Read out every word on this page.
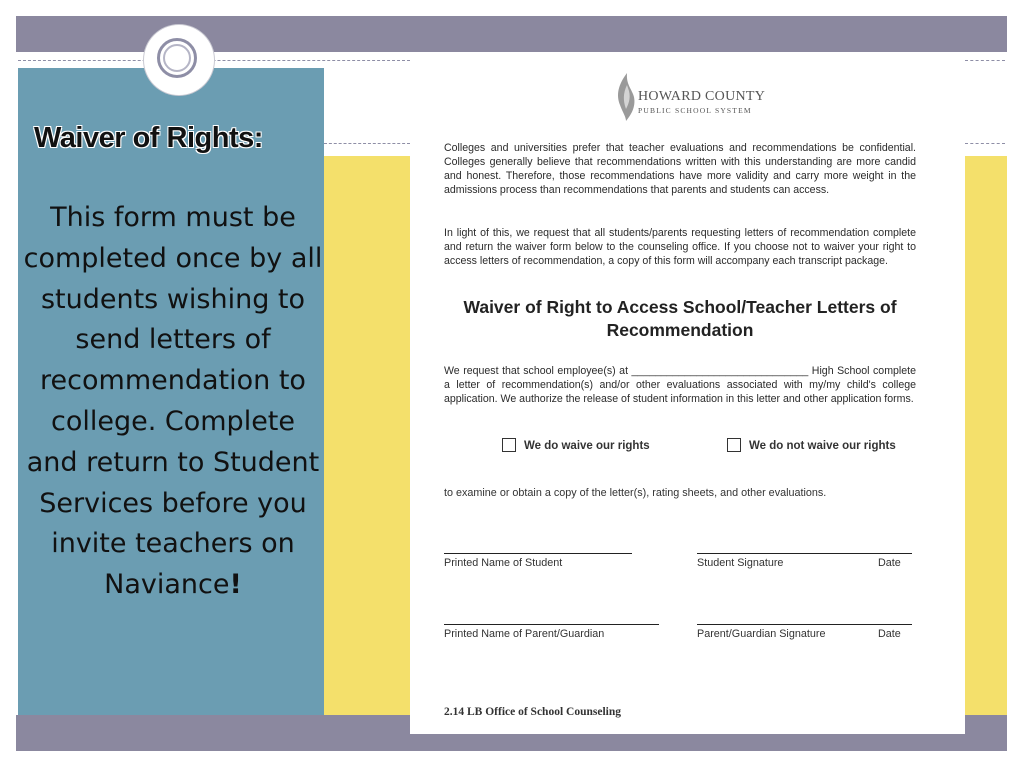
Waiver of Rights:
This form must be completed once by all students wishing to send letters of recommendation to college. Complete and return to Student Services before you invite teachers on Naviance!
HOWARD COUNTY
PUBLIC SCHOOL SYSTEM
Colleges and universities prefer that teacher evaluations and recommendations be confidential. Colleges generally believe that recommendations written with this understanding are more candid and honest. Therefore, those recommendations have more validity and carry more weight in the admissions process than recommendations that parents and students can access.
In light of this, we request that all students/parents requesting letters of recommendation complete and return the waiver form below to the counseling office. If you choose not to waiver your right to access letters of recommendation, a copy of this form will accompany each transcript package.
Waiver of Right to Access School/Teacher Letters of Recommendation
We request that school employee(s) at ______________________________ High School complete a letter of recommendation(s) and/or other evaluations associated with my/my child's college application. We authorize the release of student information in this letter and other application forms.
We do waive our rights	We do not waive our rights
to examine or obtain a copy of the letter(s), rating sheets, and other evaluations.
Printed Name of Student	Student Signature	Date
Printed Name of Parent/Guardian	Parent/Guardian Signature	Date
2.14 LB Office of School Counseling
